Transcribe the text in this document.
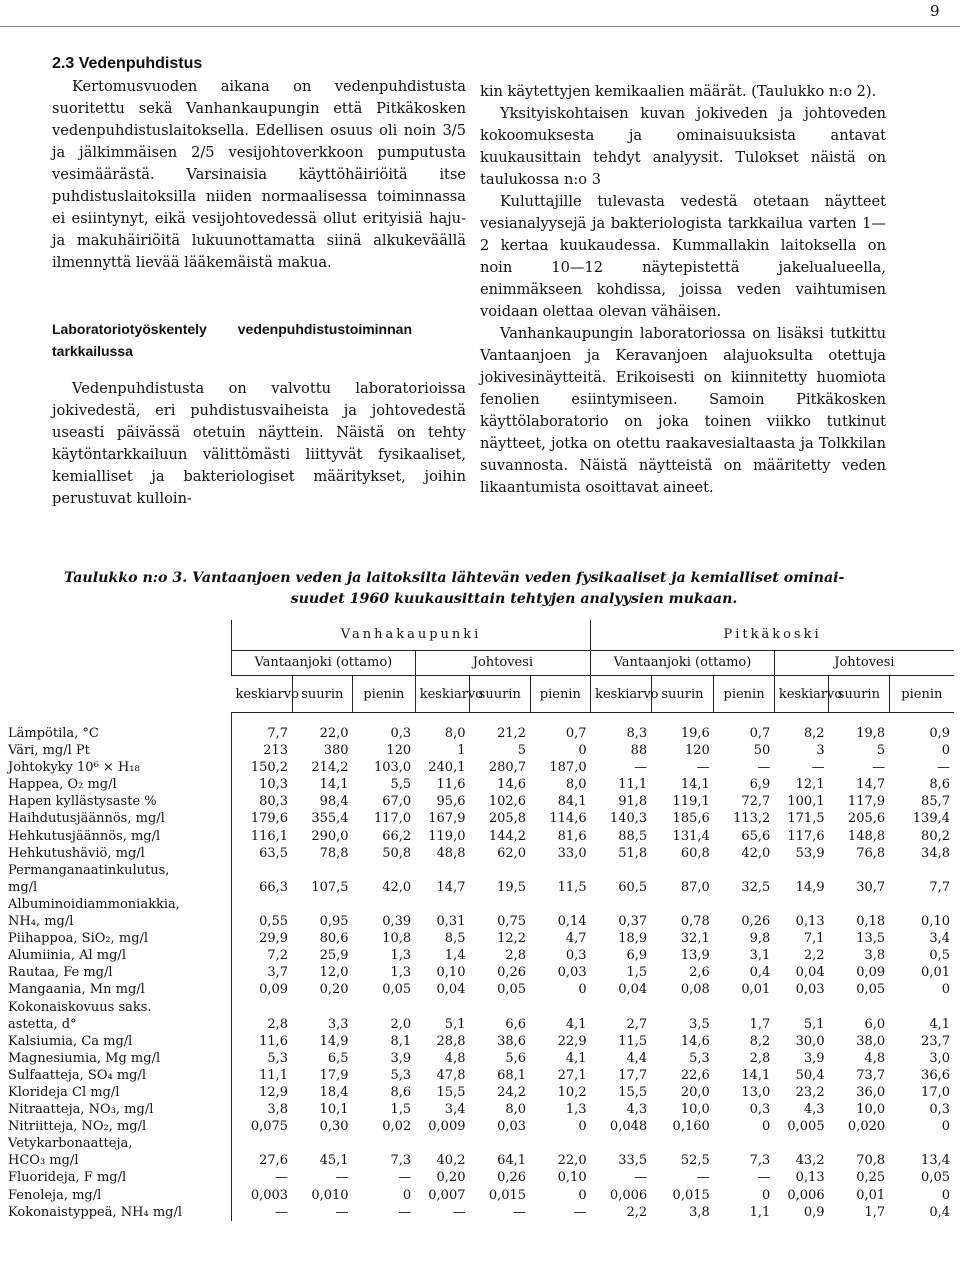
9
2.3 Vedenpuhdistus

Kertomusvuoden aikana on vedenpuhdistusta suoritettu sekä Vanhankaupungin että Pitkäkosken vedenpuhdistuslaitoksella. Edellisen osuus oli noin 3/5 ja jälkimmäisen 2/5 vesijohtoverkkoon pumputusta vesimäärästä. Varsinaisia käyttöhäiriöitä itse puhdistuslaitoksilla niiden normaalisessa toiminnassa ei esiintynyt, eikä vesijohtovedessä ollut erityisiä haju- ja makuhäiriöitä lukuunottamatta siinä alkukeväällä ilmennyttä lievää lääkemäistä makua.

Laboratoriotyöskentely vedenpuhdistustoiminnan tarkkailussa

Vedenpuhdistusta on valvottu laboratorioissa jokivedestä, eri puhdistusvaiheista ja johtovedestä useasti päivässä otetuin näyttein. Näistä on tehty käytöntarkkailuun välittömästi liittyvät fysikaaliset, kemialliset ja bakteriologiset määritykset, joihin perustuvat kulloin-

kin käytettyjen kemikaalien määrät. (Taulukko n:o 2).

Yksityiskohtaisen kuvan jokiveden ja johtoveden kokoomuksesta ja ominaisuuksista antavat kuukausittain tehdyt analyysit. Tulokset näistä on taulukossa n:o 3

Kuluttajille tulevasta vedestä otetaan näytteet vesianalyysejä ja bakteriologista tarkkailua varten 1—2 kertaa kuukaudessa. Kummallakin laitoksella on noin 10—12 näytepistettä jakelualueella, enimmäkseen kohdissa, joissa veden vaihtumisen voidaan olettaa olevan vähäisen.

Vanhankaupungin laboratoriossa on lisäksi tutkittu Vantaanjoen ja Keravanjoen alajuoksulta otettuja jokivesinäytteitä. Erikoisesti on kiinnitetty huomiota fenolien esiintymiseen. Samoin Pitkäkosken käyttölaboratorio on joka toinen viikko tutkinut näytteet, jotka on otettu raakavesialtaasta ja Tolkkilan suvannosta. Näistä näytteistä on määritetty veden likaantumista osoittavat aineet.

Taulukko n:o 3. Vantaanjoen veden ja laitoksilta lähtevän veden fysikaaliset ja kemialliset ominai-
suudet 1960 kuukausittain tehtyjen analyysien mukaan.
	Vanhakaupunki						Pitkäkoski					
	Vantaanjoki (ottamo)			Johtovesi			Vantaanjoki (ottamo)			Johtovesi		
	keskiarvo	suurin	pienin	keskiarvo	suurin	pienin	keskiarvo	suurin	pienin	keskiarvo	suurin	pienin

Lämpötila, °C	7,7	22,0	0,3	8,0	21,2	0,7	8,3	19,6	0,7	8,2	19,8	0,9
Väri, mg/l Pt	213	380	120	1	5	0	88	120	50	3	5	0
Johtokyky 10⁶ × H₁₈	150,2	214,2	103,0	240,1	280,7	187,0	—	—	—	—	—	—
Happea, O₂ mg/l	10,3	14,1	5,5	11,6	14,6	8,0	11,1	14,1	6,9	12,1	14,7	8,6
Hapen kyllästysaste %	80,3	98,4	67,0	95,6	102,6	84,1	91,8	119,1	72,7	100,1	117,9	85,7
Haihdutusjäännös, mg/l	179,6	355,4	117,0	167,9	205,8	114,6	140,3	185,6	113,2	171,5	205,6	139,4
Hehkutusjäännös, mg/l	116,1	290,0	66,2	119,0	144,2	81,6	88,5	131,4	65,6	117,6	148,8	80,2
Hehkutushäviö, mg/l	63,5	78,8	50,8	48,8	62,0	33,0	51,8	60,8	42,0	53,9	76,8	34,8
Permanganaatinkulutus,												
mg/l	66,3	107,5	42,0	14,7	19,5	11,5	60,5	87,0	32,5	14,9	30,7	7,7
Albuminoidiammoniakkia,												
NH₄, mg/l	0,55	0,95	0,39	0,31	0,75	0,14	0,37	0,78	0,26	0,13	0,18	0,10
Piihappoa, SiO₂, mg/l	29,9	80,6	10,8	8,5	12,2	4,7	18,9	32,1	9,8	7,1	13,5	3,4
Alumiinia, Al mg/l	7,2	25,9	1,3	1,4	2,8	0,3	6,9	13,9	3,1	2,2	3,8	0,5
Rautaa, Fe mg/l	3,7	12,0	1,3	0,10	0,26	0,03	1,5	2,6	0,4	0,04	0,09	0,01
Mangaania, Mn mg/l	0,09	0,20	0,05	0,04	0,05	0	0,04	0,08	0,01	0,03	0,05	0
Kokonaiskovuus saks.												
astetta, d°	2,8	3,3	2,0	5,1	6,6	4,1	2,7	3,5	1,7	5,1	6,0	4,1
Kalsiumia, Ca mg/l	11,6	14,9	8,1	28,8	38,6	22,9	11,5	14,6	8,2	30,0	38,0	23,7
Magnesiumia, Mg mg/l	5,3	6,5	3,9	4,8	5,6	4,1	4,4	5,3	2,8	3,9	4,8	3,0
Sulfaatteja, SO₄ mg/l	11,1	17,9	5,3	47,8	68,1	27,1	17,7	22,6	14,1	50,4	73,7	36,6
Kloridejа Cl mg/l	12,9	18,4	8,6	15,5	24,2	10,2	15,5	20,0	13,0	23,2	36,0	17,0
Nitraatteja, NO₃, mg/l	3,8	10,1	1,5	3,4	8,0	1,3	4,3	10,0	0,3	4,3	10,0	0,3
Nitriitteja, NO₂, mg/l	0,075	0,30	0,02	0,009	0,03	0	0,048	0,160	0	0,005	0,020	0
Vetykarbonaatteja,												
HCO₃ mg/l	27,6	45,1	7,3	40,2	64,1	22,0	33,5	52,5	7,3	43,2	70,8	13,4
Fluorideja, F mg/l	—	—	—	0,20	0,26	0,10	—	—	—	0,13	0,25	0,05
Fenoleja, mg/l	0,003	0,010	0	0,007	0,015	0	0,006	0,015	0	0,006	0,01	0
Kokonaistyppeä, NH₄ mg/l	—	—	—	—	—	—	2,2	3,8	1,1	0,9	1,7	0,4
